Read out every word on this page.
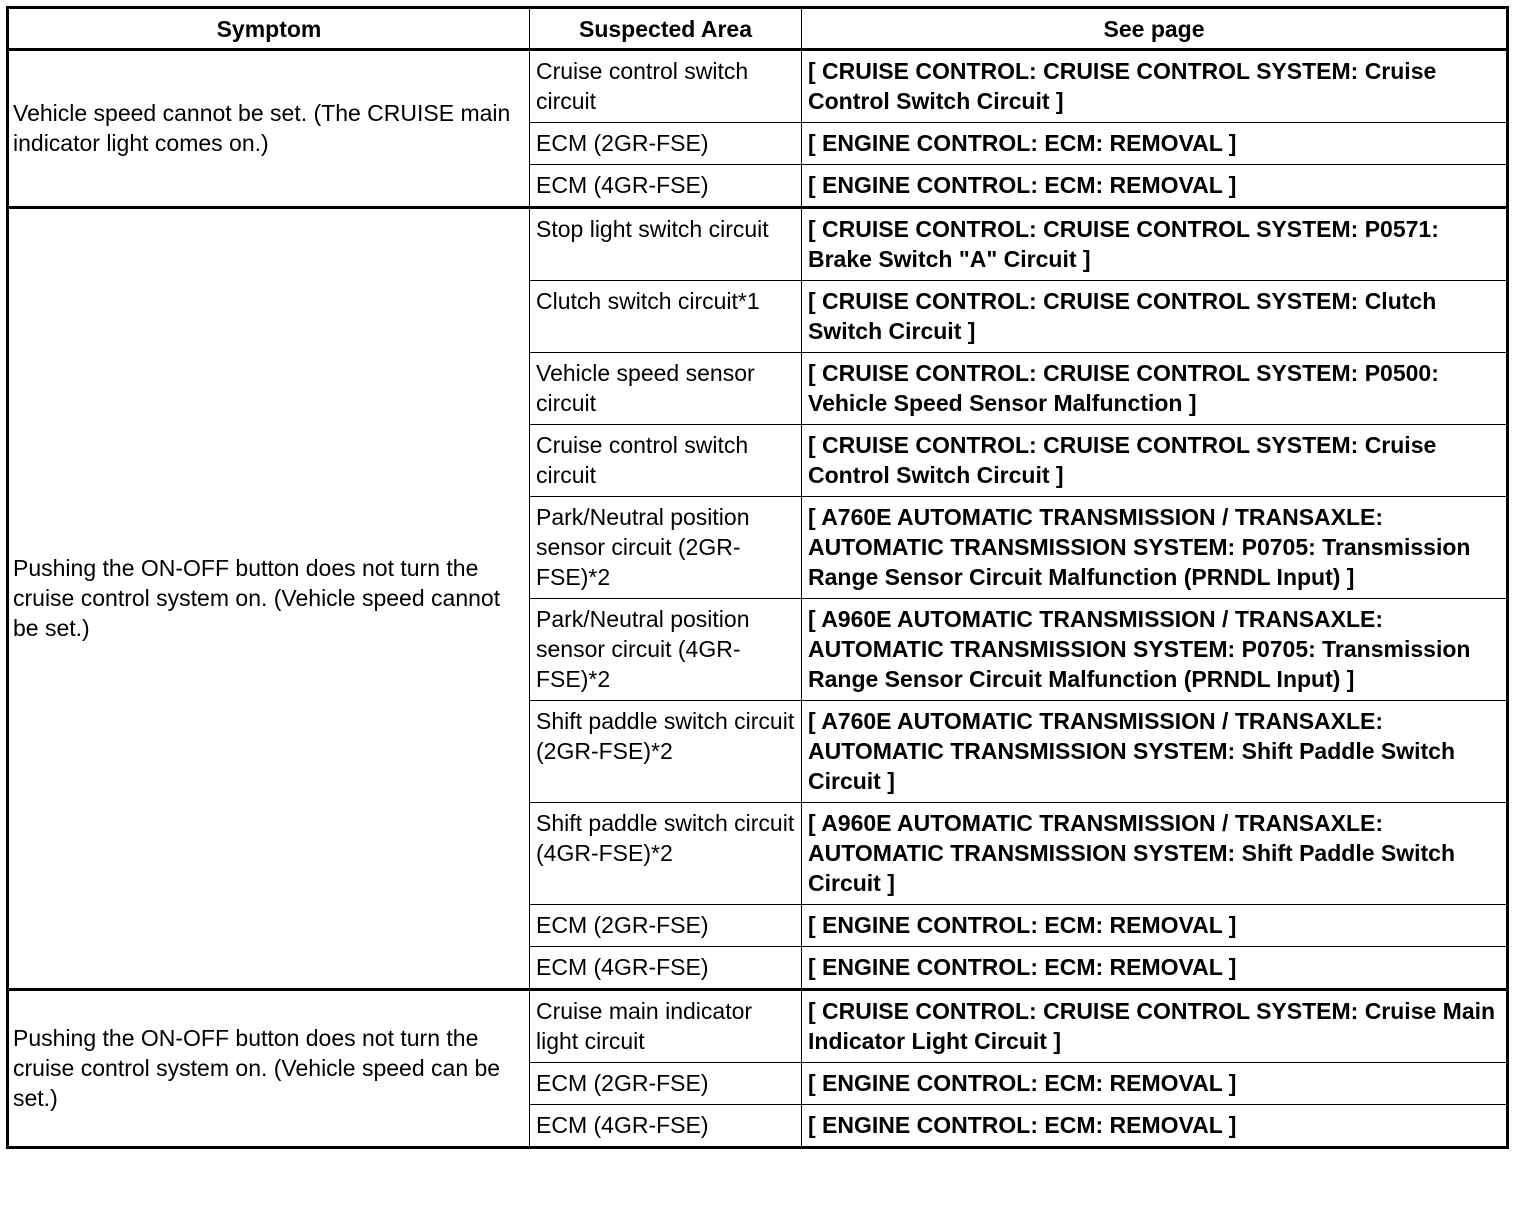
Symptom	Suspected Area	See page
Vehicle speed cannot be set. (The CRUISE main indicator light comes on.)	Cruise control switch circuit	[ CRUISE CONTROL: CRUISE CONTROL SYSTEM: Cruise Control Switch Circuit ]
	ECM (2GR-FSE)	[ ENGINE CONTROL: ECM: REMOVAL ]
	ECM (4GR-FSE)	[ ENGINE CONTROL: ECM: REMOVAL ]
Pushing the ON-OFF button does not turn the cruise control system on. (Vehicle speed cannot be set.)	Stop light switch circuit	[ CRUISE CONTROL: CRUISE CONTROL SYSTEM: P0571: Brake Switch "A" Circuit ]
	Clutch switch circuit*1	[ CRUISE CONTROL: CRUISE CONTROL SYSTEM: Clutch Switch Circuit ]
	Vehicle speed sensor circuit	[ CRUISE CONTROL: CRUISE CONTROL SYSTEM: P0500: Vehicle Speed Sensor Malfunction ]
	Cruise control switch circuit	[ CRUISE CONTROL: CRUISE CONTROL SYSTEM: Cruise Control Switch Circuit ]
	Park/Neutral position sensor circuit (2GR-FSE)*2	[ A760E AUTOMATIC TRANSMISSION / TRANSAXLE: AUTOMATIC TRANSMISSION SYSTEM: P0705: Transmission Range Sensor Circuit Malfunction (PRNDL Input) ]
	Park/Neutral position sensor circuit (4GR-FSE)*2	[ A960E AUTOMATIC TRANSMISSION / TRANSAXLE: AUTOMATIC TRANSMISSION SYSTEM: P0705: Transmission Range Sensor Circuit Malfunction (PRNDL Input) ]
	Shift paddle switch circuit (2GR-FSE)*2	[ A760E AUTOMATIC TRANSMISSION / TRANSAXLE: AUTOMATIC TRANSMISSION SYSTEM: Shift Paddle Switch Circuit ]
	Shift paddle switch circuit (4GR-FSE)*2	[ A960E AUTOMATIC TRANSMISSION / TRANSAXLE: AUTOMATIC TRANSMISSION SYSTEM: Shift Paddle Switch Circuit ]
	ECM (2GR-FSE)	[ ENGINE CONTROL: ECM: REMOVAL ]
	ECM (4GR-FSE)	[ ENGINE CONTROL: ECM: REMOVAL ]
Pushing the ON-OFF button does not turn the cruise control system on. (Vehicle speed can be set.)	Cruise main indicator light circuit	[ CRUISE CONTROL: CRUISE CONTROL SYSTEM: Cruise Main Indicator Light Circuit ]
	ECM (2GR-FSE)	[ ENGINE CONTROL: ECM: REMOVAL ]
	ECM (4GR-FSE)	[ ENGINE CONTROL: ECM: REMOVAL ]
